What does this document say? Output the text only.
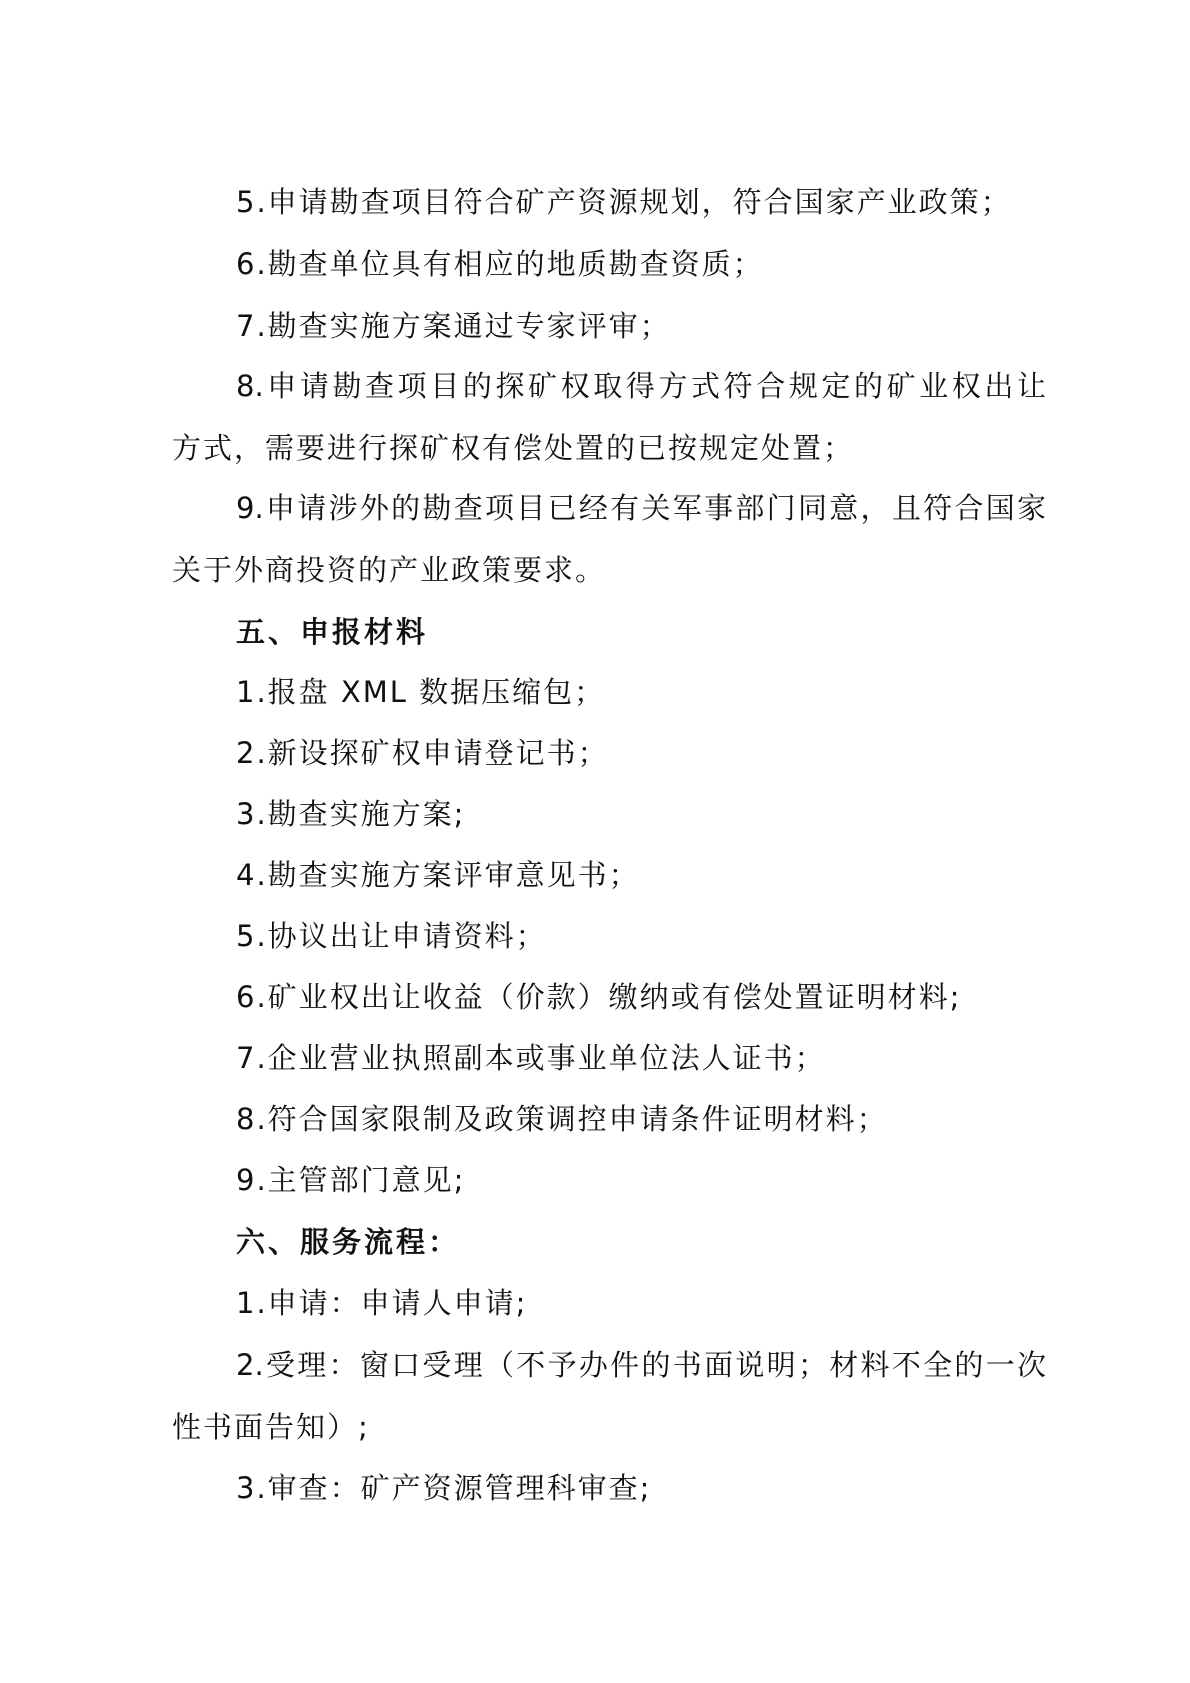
5.申请勘查项目符合矿产资源规划，符合国家产业政策；
6.勘查单位具有相应的地质勘查资质；
7.勘查实施方案通过专家评审；
8.申请勘查项目的探矿权取得方式符合规定的矿业权出让
方式，需要进行探矿权有偿处置的已按规定处置；
9.申请涉外的勘查项目已经有关军事部门同意，且符合国家
关于外商投资的产业政策要求。
五、申报材料
1.报盘 XML 数据压缩包；
2.新设探矿权申请登记书；
3.勘查实施方案;
4.勘查实施方案评审意见书；
5.协议出让申请资料；
6.矿业权出让收益（价款）缴纳或有偿处置证明材料;
7.企业营业执照副本或事业单位法人证书；
8.符合国家限制及政策调控申请条件证明材料；
9.主管部门意见;
六、服务流程：
1.申请：申请人申请;
2.受理：窗口受理（不予办件的书面说明；材料不全的一次
性书面告知）;
3.审查：矿产资源管理科审查;
